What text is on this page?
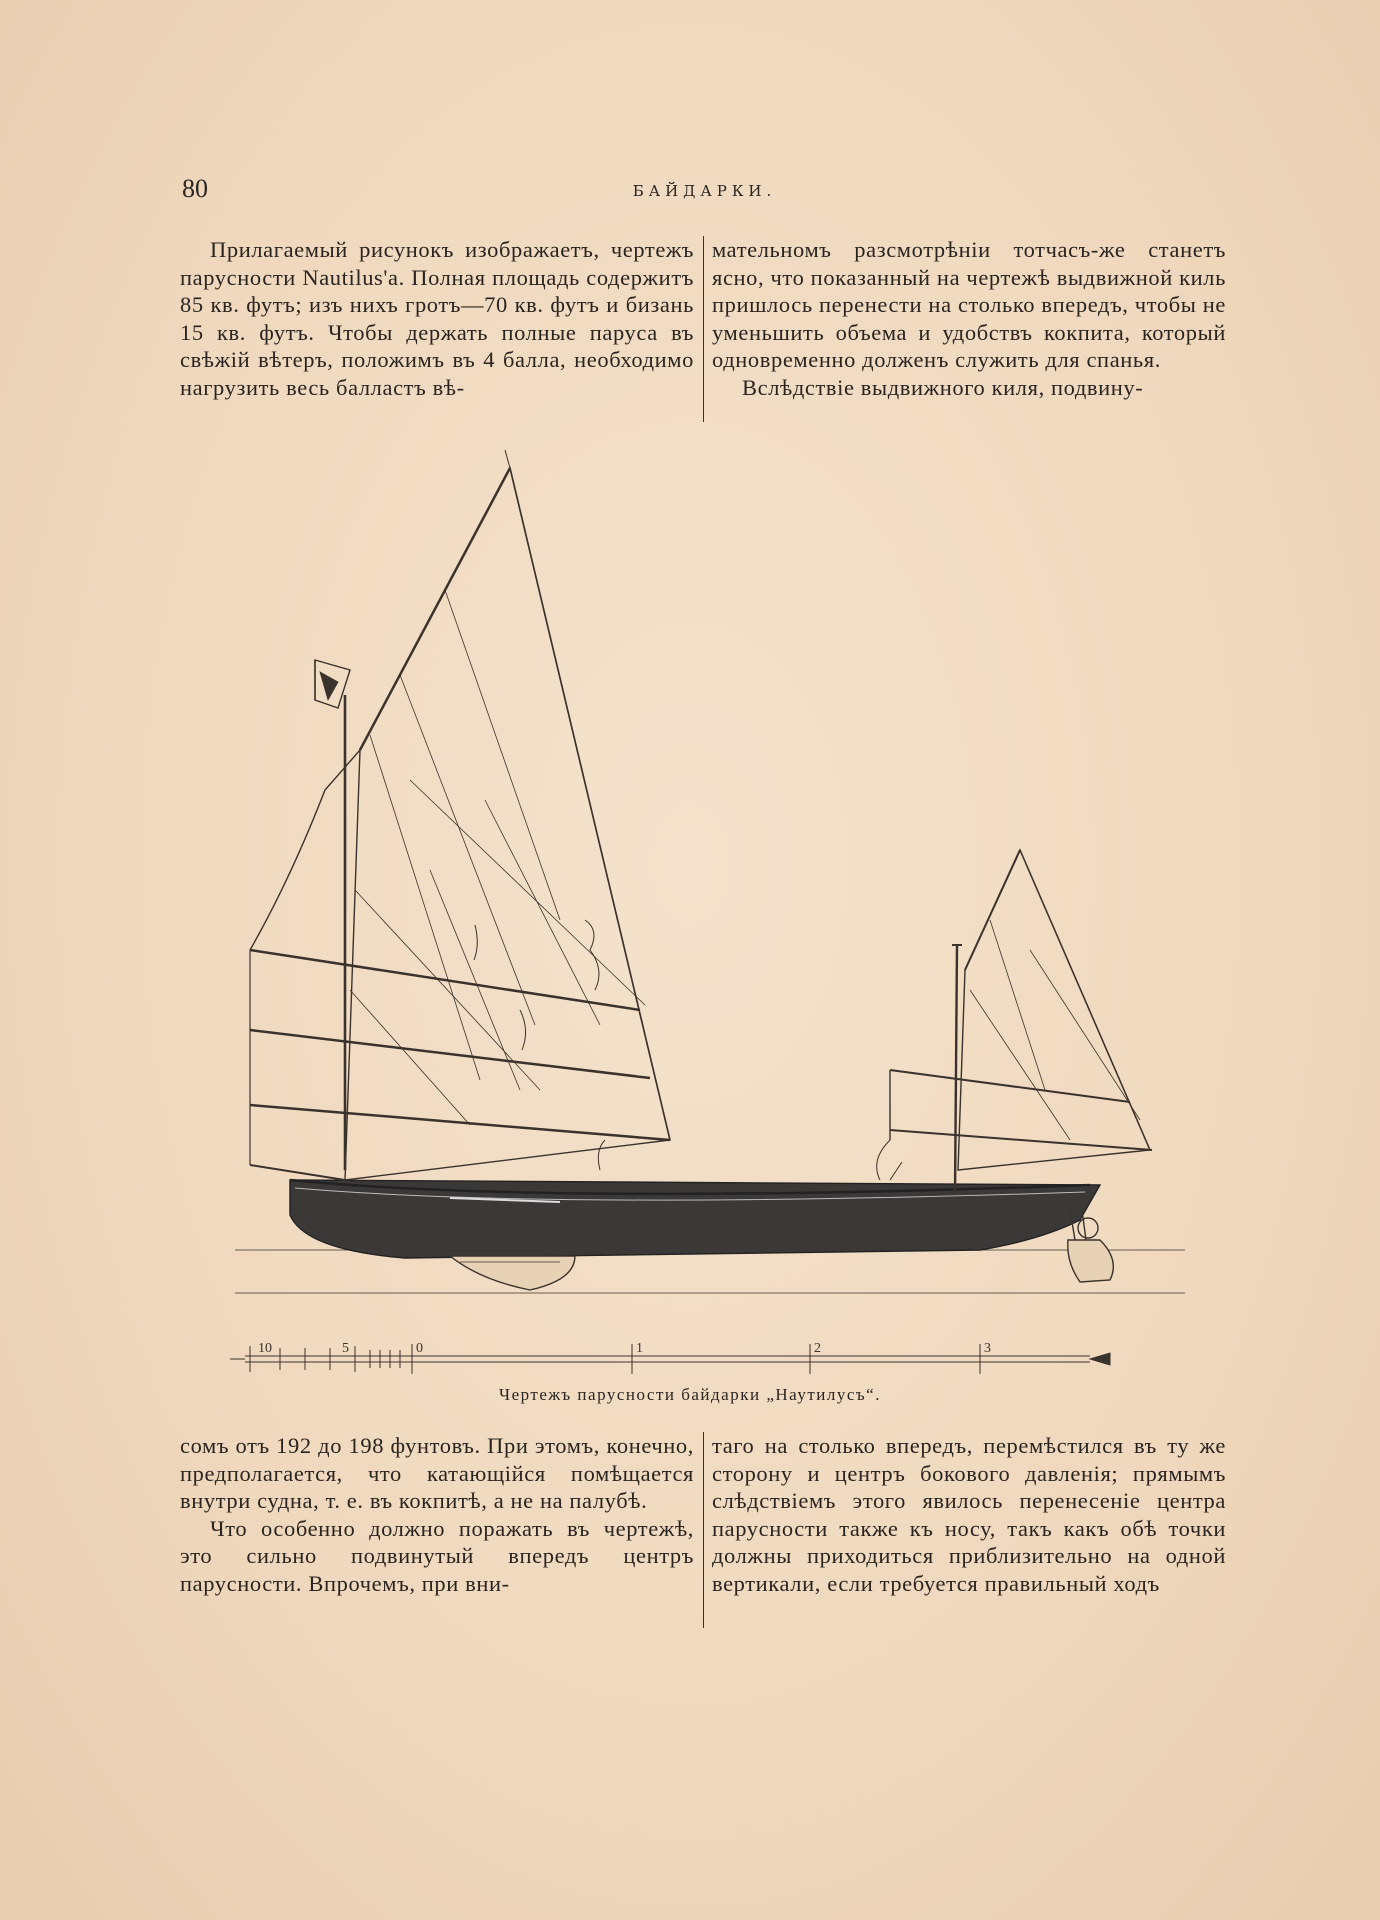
80	БАЙДАРКИ.

Прилагаемый рисунокъ изображаетъ, чертежъ парусности Nautilus'a. Полная площадь содержитъ 85 кв. футъ; изъ нихъ гротъ—70 кв. футъ и бизань 15 кв. футъ. Чтобы держать полные паруса въ свѣжій вѣтеръ, положимъ въ 4 балла, необходимо нагрузить весь балластъ вѣ-

мательномъ разсмотрѣніи тотчасъ-же станетъ ясно, что показанный на чертежѣ выдвижной киль пришлось перенести на столько впередъ, чтобы не уменьшить объема и удобствъ кокпита, который одновременно долженъ служить для спанья.

Вслѣдствіе выдвижного киля, подвину-

10	5	0	1	2	3
Чертежъ парусности байдарки „Наутилусъ“.

сомъ отъ 192 до 198 фунтовъ. При этомъ, конечно, предполагается, что катающійся помѣщается внутри судна, т. е. въ кокпитѣ, а не на палубѣ.

Что особенно должно поражать въ чертежѣ, это сильно подвинутый впередъ центръ парусности. Впрочемъ, при вни-

таго на столько впередъ, перемѣстился въ ту же сторону и центръ бокового давленія; прямымъ слѣдствіемъ этого явилось перенесеніе центра парусности также къ носу, такъ какъ обѣ точки должны приходиться приблизительно на одной вертикали, если требуется правильный ходъ
